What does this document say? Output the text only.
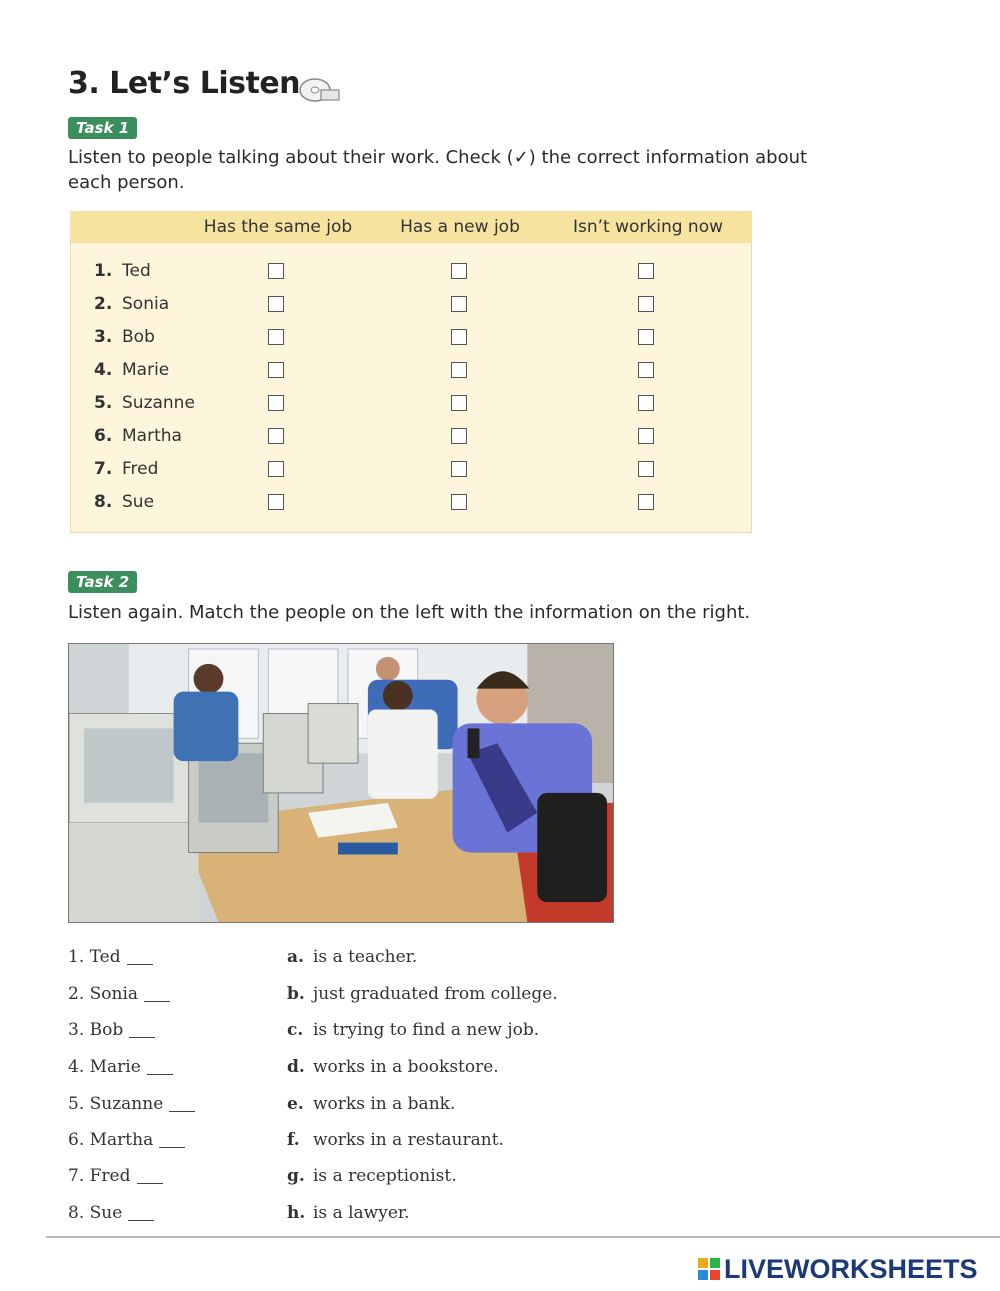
3. Let’s Listen
Task 1
Listen to people talking about their work. Check (✓) the correct information about each person.
Has the same job	Has a new job	Isn’t working now
1. Ted
2. Sonia
3. Bob
4. Marie
5. Suzanne
6. Martha
7. Fred
8. Sue
Task 2
Listen again. Match the people on the left with the information on the right.
1. Ted
2. Sonia
3. Bob
4. Marie
5. Suzanne
6. Martha
7. Fred
8. Sue
a. is a teacher.
b. just graduated from college.
c. is trying to find a new job.
d. works in a bookstore.
e. works in a bank.
f. works in a restaurant.
g. is a receptionist.
h. is a lawyer.
LIVEWORKSHEETS
